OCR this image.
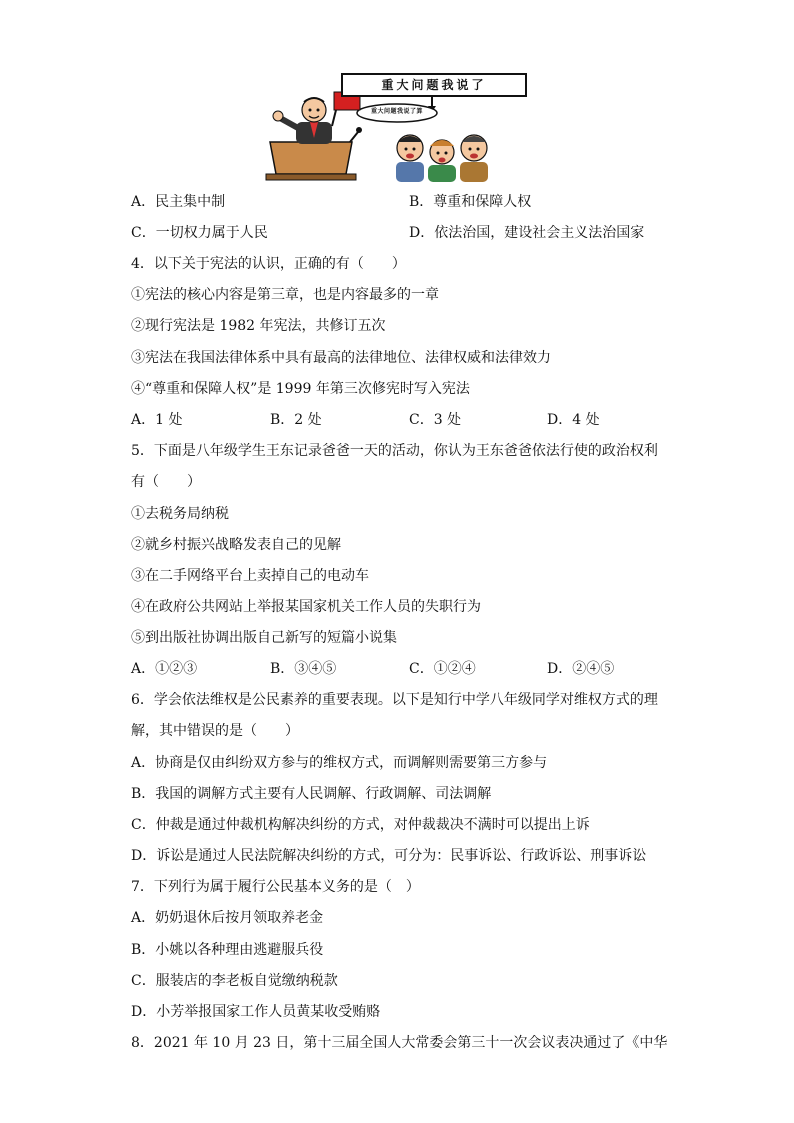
重大问题我说了
重大问题我说了算
A．民主集中制	B．尊重和保障人权
C．一切权力属于人民	D．依法治国，建设社会主义法治国家
4．以下关于宪法的认识，正确的有（　　）
①宪法的核心内容是第三章，也是内容最多的一章
②现行宪法是 1982 年宪法，共修订五次
③宪法在我国法律体系中具有最高的法律地位、法律权威和法律效力
④“尊重和保障人权”是 1999 年第三次修宪时写入宪法
A．1 处	B．2 处	C．3 处	D．4 处
5．下面是八年级学生王东记录爸爸一天的活动，你认为王东爸爸依法行使的政治权利
有（　　）
①去税务局纳税
②就乡村振兴战略发表自己的见解
③在二手网络平台上卖掉自己的电动车
④在政府公共网站上举报某国家机关工作人员的失职行为
⑤到出版社协调出版自己新写的短篇小说集
A．①②③	B．③④⑤	C．①②④	D．②④⑤
6．学会依法维权是公民素养的重要表现。以下是知行中学八年级同学对维权方式的理
解，其中错误的是（　　）
A．协商是仅由纠纷双方参与的维权方式，而调解则需要第三方参与
B．我国的调解方式主要有人民调解、行政调解、司法调解
C．仲裁是通过仲裁机构解决纠纷的方式，对仲裁裁决不满时可以提出上诉
D．诉讼是通过人民法院解决纠纷的方式，可分为：民事诉讼、行政诉讼、刑事诉讼
7．下列行为属于履行公民基本义务的是（　）
A．奶奶退休后按月领取养老金
B．小姚以各种理由逃避服兵役
C．服装店的李老板自觉缴纳税款
D．小芳举报国家工作人员黄某收受贿赂
8．2021 年 10 月 23 日，第十三届全国人大常委会第三十一次会议表决通过了《中华
